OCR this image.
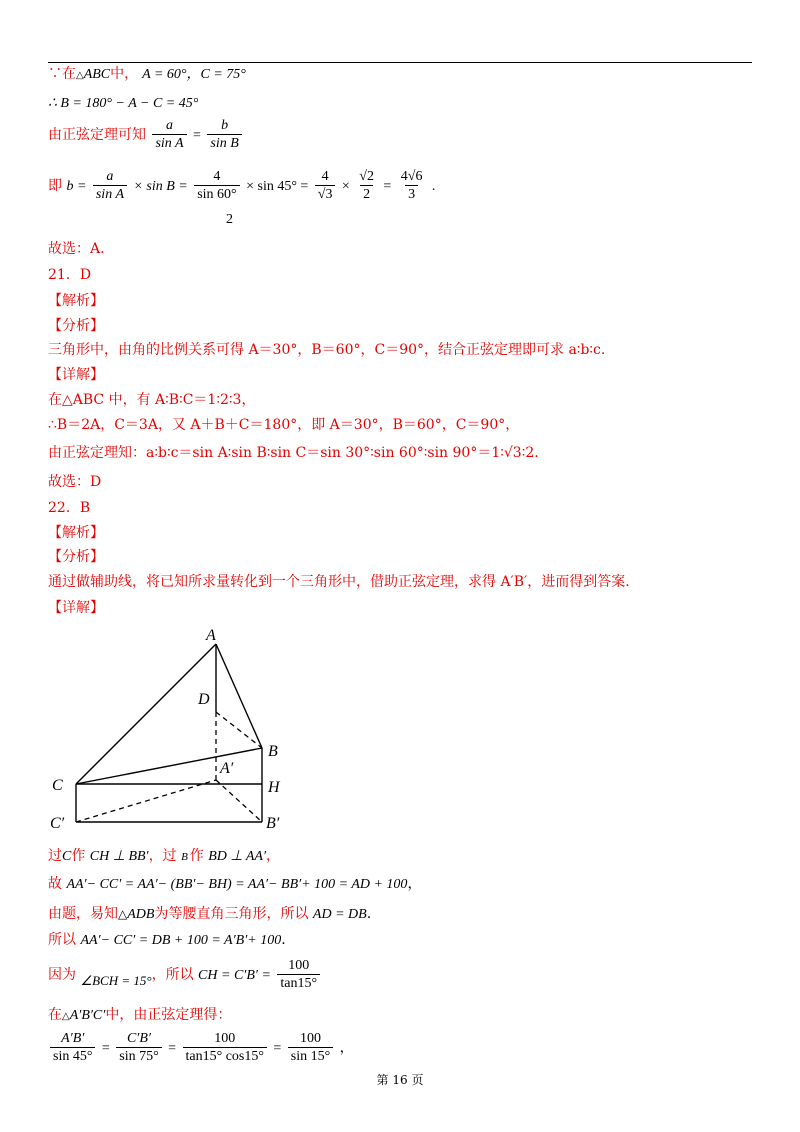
∵在△ABC中， A = 60°，C = 75°
∴ B = 180° − A − C = 45°
由正弦定理可知 $\frac{a}{\text{sin A}} = \frac{b}{\text{sin B}}$
即 $b = \frac{a}{\text{sin A}} \times \sin B = \frac{4}{\sin 60^\circ} \times \sin 45^\circ = \frac{4}{√3} \times \frac{√2}{2} = \frac{4√6}{3}$ .
2
故选：A.
21．D
【解析】
【分析】
三角形中，由角的比例关系可得 A＝30°，B＝60°，C＝90°，结合正弦定理即可求 a∶b∶c.
【详解】
在△ABC 中，有 A∶B∶C＝1∶2∶3，
∴B＝2A，C＝3A，又 A＋B＋C＝180°，即 A＝30°，B＝60°，C＝90°，
由正弦定理知：a∶b∶c＝sin A∶sin B∶sin C＝sin 30°∶sin 60°∶sin 90°＝1∶√3∶2.
故选：D
22．B
【解析】
【分析】
通过做辅助线，将已知所求量转化到一个三角形中，借助正弦定理，求得 A′B′，进而得到答案.
【详解】
A
D
B
C
A′
H
C′	B′
过C作 CH ⊥ BB′，过 B 作 BD ⊥ AA′，
故 AA′− CC′ = AA′− (BB′− BH) = AA′− BB′+ 100 = AD + 100，
由题，易知△ADB为等腰直角三角形，所以 AD = DB.
所以 AA′− CC′ = DB + 100 = A′B′+ 100.
因为 ∠BCH = 15°，所以 CH = $C'B' = \frac{100}{\tan 15^\circ}$
在△A′B′C′中，由正弦定理得：
$\frac{A'B'}{\sin 45^\circ} = \frac{C'B'}{\sin 75^\circ} = \frac{100}{\tan 15^\circ \cos 15^\circ} = \frac{100}{\sin 15^\circ}$ ，
第 16 页
